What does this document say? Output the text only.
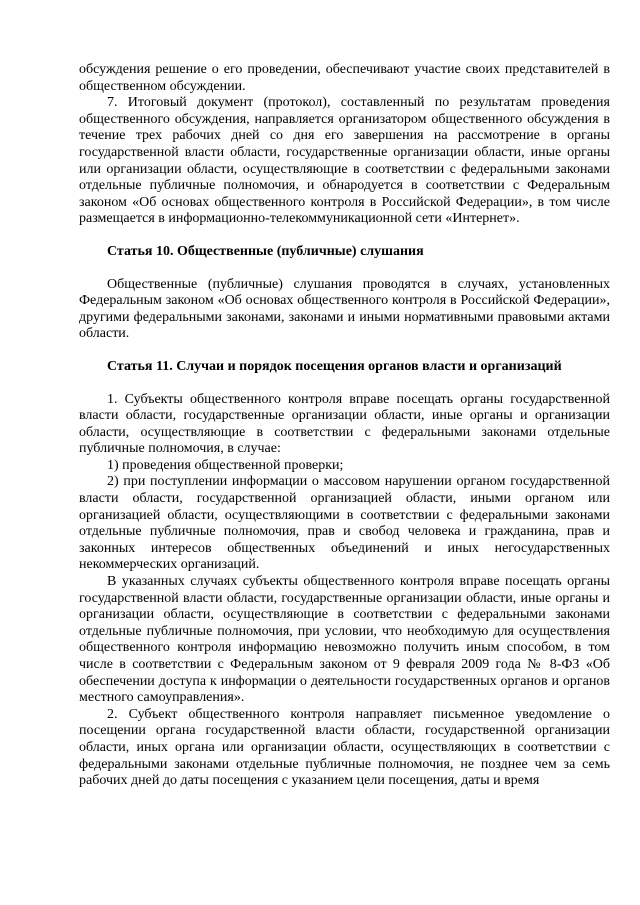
обсуждения решение о его проведении, обеспечивают участие своих представителей в общественном обсуждении.

7. Итоговый документ (протокол), составленный по результатам проведения общественного обсуждения, направляется организатором общественного обсуждения в течение трех рабочих дней со дня его завершения на рассмотрение в органы государственной власти области, государственные организации области, иные органы или организации области, осуществляющие в соответствии с федеральными законами отдельные публичные полномочия, и обнародуется в соответствии с Федеральным законом «Об основах общественного контроля в Российской Федерации», в том числе размещается в информационно-телекоммуникационной сети «Интернет».

Статья 10. Общественные (публичные) слушания

Общественные (публичные) слушания проводятся в случаях, установленных Федеральным законом «Об основах общественного контроля в Российской Федерации», другими федеральными законами, законами и иными нормативными правовыми актами области.

Статья 11. Случаи и порядок посещения органов власти и организаций

1. Субъекты общественного контроля вправе посещать органы государственной власти области, государственные организации области, иные органы и организации области, осуществляющие в соответствии с федеральными законами отдельные публичные полномочия, в случае:

1) проведения общественной проверки;

2) при поступлении информации о массовом нарушении органом государственной власти области, государственной организацией области, иными органом или организацией области, осуществляющими в соответствии с федеральными законами отдельные публичные полномочия, прав и свобод человека и гражданина, прав и законных интересов общественных объединений и иных негосударственных некоммерческих организаций.

В указанных случаях субъекты общественного контроля вправе посещать органы государственной власти области, государственные организации области, иные органы и организации области, осуществляющие в соответствии с федеральными законами отдельные публичные полномочия, при условии, что необходимую для осуществления общественного контроля информацию невозможно получить иным способом, в том числе в соответствии с Федеральным законом от 9 февраля 2009 года № 8-ФЗ «Об обеспечении доступа к информации о деятельности государственных органов и органов местного самоуправления».

2. Субъект общественного контроля направляет письменное уведомление о посещении органа государственной власти области, государственной организации области, иных органа или организации области, осуществляющих в соответствии с федеральными законами отдельные публичные полномочия, не позднее чем за семь рабочих дней до даты посещения с указанием цели посещения, даты и время
